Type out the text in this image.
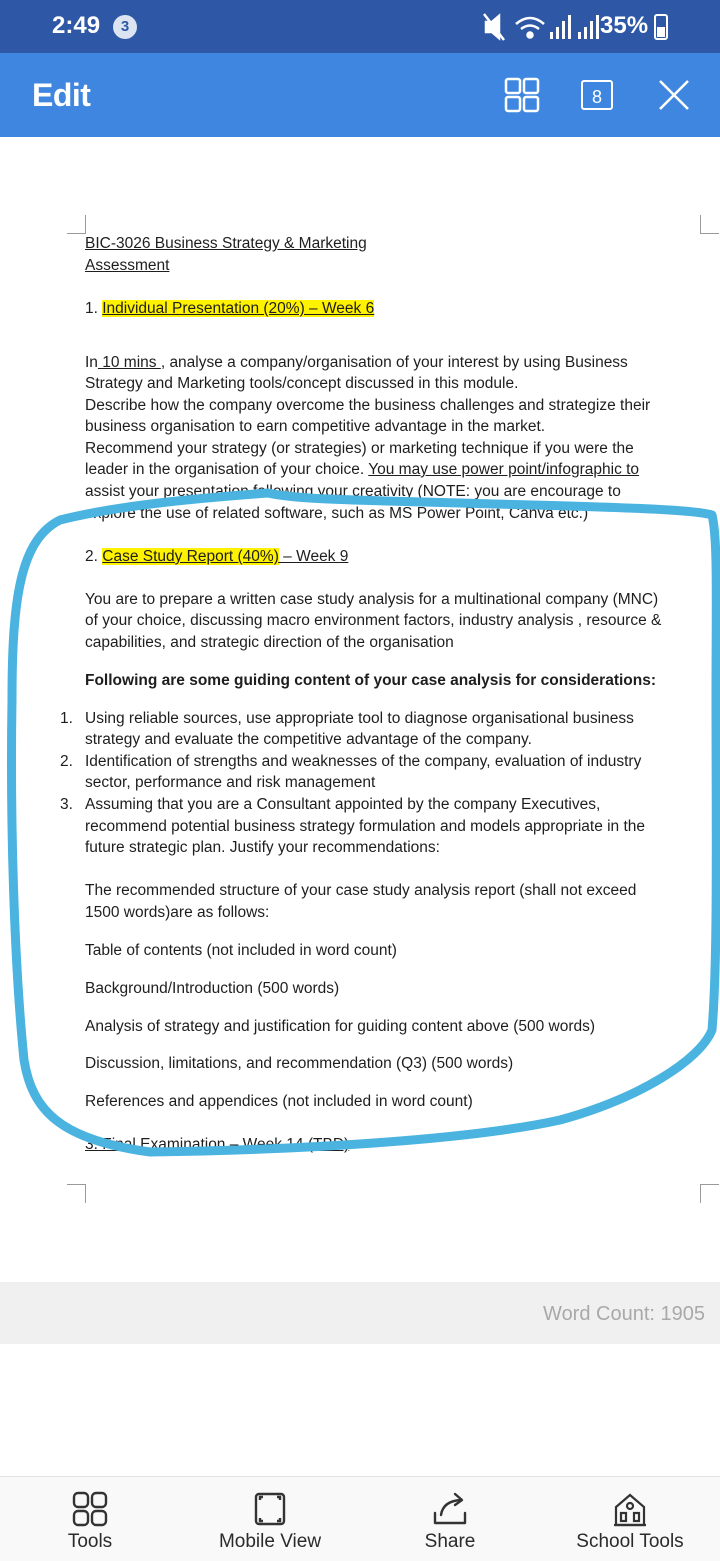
2:49	3	35%
Edit	8
BIC-3026 Business Strategy & Marketing
Assessment
1. Individual Presentation (20%) – Week 6
In 10 mins , analyse a company/organisation of your interest by using Business
Strategy and Marketing tools/concept discussed in this module.
Describe how the company overcome the business challenges and strategize their
business organisation to earn competitive advantage in the market.
Recommend your strategy (or strategies) or marketing technique if you were the
leader in the organisation of your choice. You may use power point/infographic to
assist your presentation following your creativity (NOTE: you are encourage to
explore the use of related software, such as MS Power Point, Canva etc.)
2. Case Study Report (40%) – Week 9
You are to prepare a written case study analysis for a multinational company (MNC)
of your choice, discussing macro environment factors, industry analysis , resource &
capabilities, and strategic direction of the organisation
Following are some guiding content of your case analysis for considerations:
1. Using reliable sources, use appropriate tool to diagnose organisational business
strategy and evaluate the competitive advantage of the company.
2. Identification of strengths and weaknesses of the company, evaluation of industry
sector, performance and risk management
3. Assuming that you are a Consultant appointed by the company Executives,
recommend potential business strategy formulation and models appropriate in the
future strategic plan. Justify your recommendations:
The recommended structure of your case study analysis report (shall not exceed
1500 words)are as follows:
Table of contents (not included in word count)
Background/Introduction (500 words)
Analysis of strategy and justification for guiding content above (500 words)
Discussion, limitations, and recommendation (Q3) (500 words)
References and appendices (not included in word count)
3. Final Examination – Week 14 (TBD)
Word Count: 1905
Tools	Mobile View	Share	School Tools
